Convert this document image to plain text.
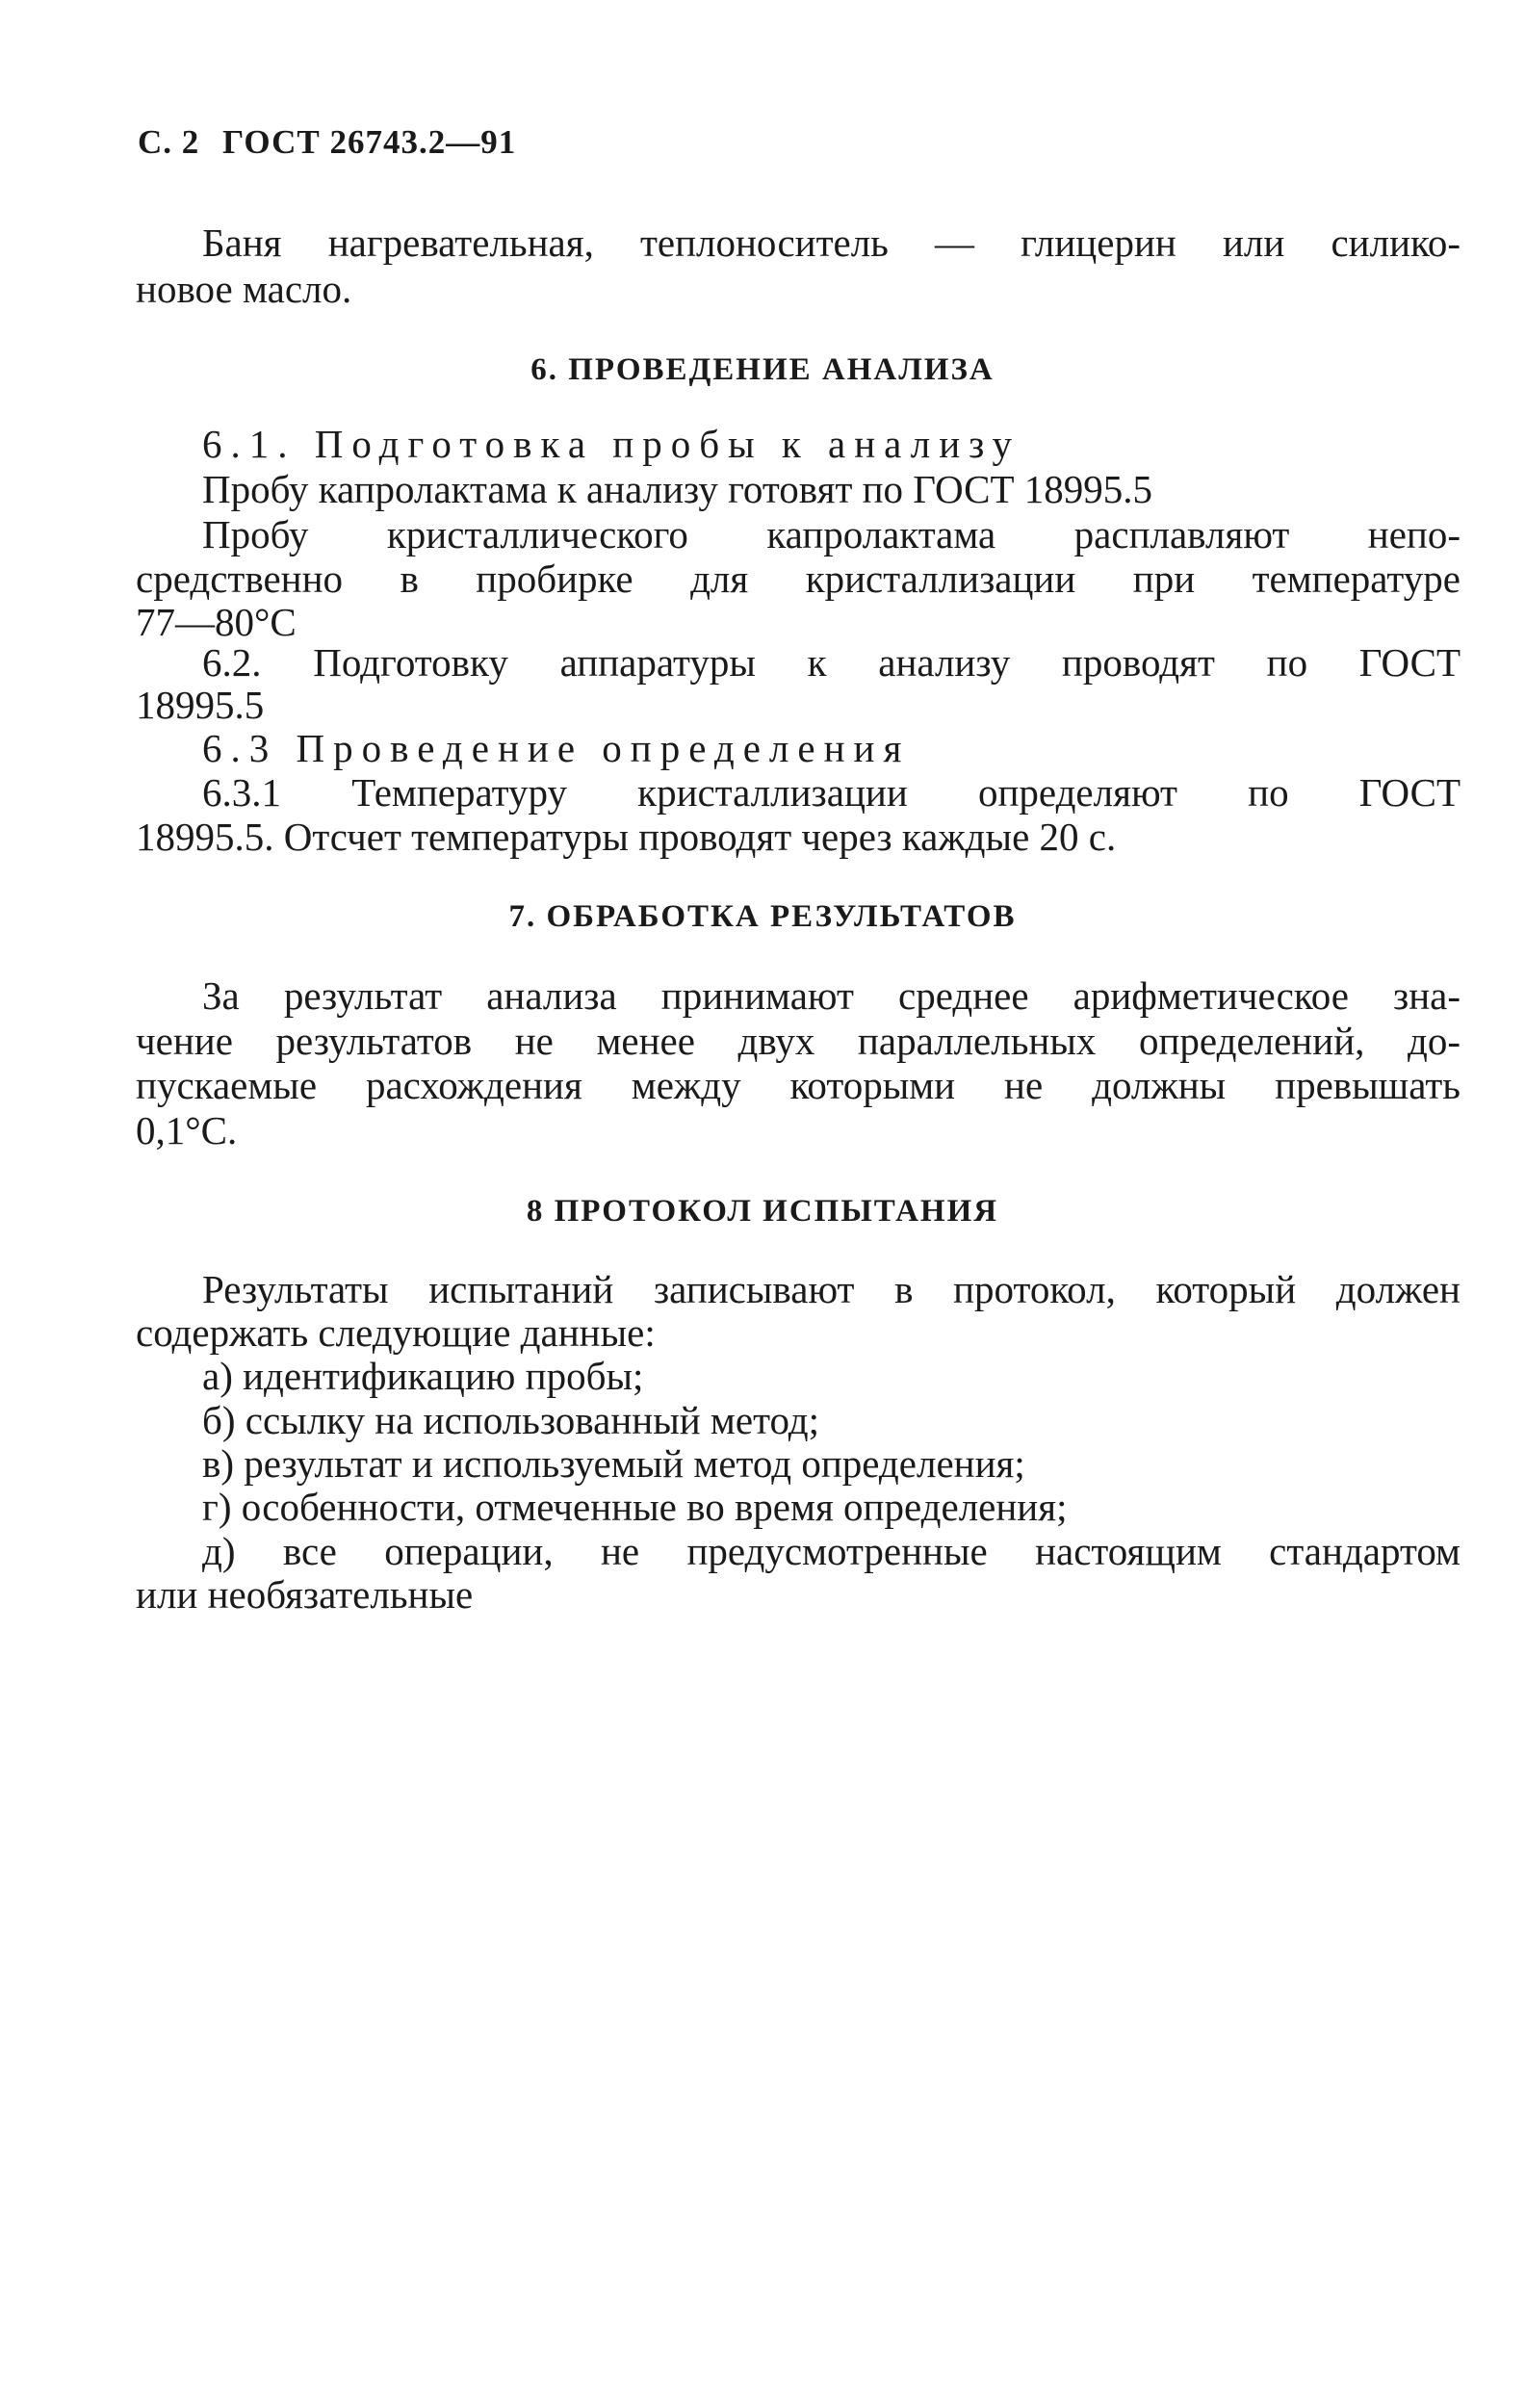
С. 2 ГОСТ 26743.2—91
Баня нагревательная, теплоноситель — глицерин или силико-
новое масло.
6. ПРОВЕДЕНИЕ АНАЛИЗА
6.1. Подготовка пробы к анализу
Пробу капролактама к анализу готовят по ГОСТ 18995.5
Пробу кристаллического капролактама расплавляют непо-
средственно в пробирке для кристаллизации при температуре
77—80°С
6.2. Подготовку аппаратуры к анализу проводят по ГОСТ
18995.5
6.3 Проведение определения
6.3.1 Температуру кристаллизации определяют по ГОСТ
18995.5. Отсчет температуры проводят через каждые 20 с.
7. ОБРАБОТКА РЕЗУЛЬТАТОВ
За результат анализа принимают среднее арифметическое зна-
чение результатов не менее двух параллельных определений, до-
пускаемые расхождения между которыми не должны превышать
0,1°С.
8 ПРОТОКОЛ ИСПЫТАНИЯ
Результаты испытаний записывают в протокол, который должен
содержать следующие данные:
а) идентификацию пробы;
б) ссылку на использованный метод;
в) результат и используемый метод определения;
г) особенности, отмеченные во время определения;
д) все операции, не предусмотренные настоящим стандартом
или необязательные
